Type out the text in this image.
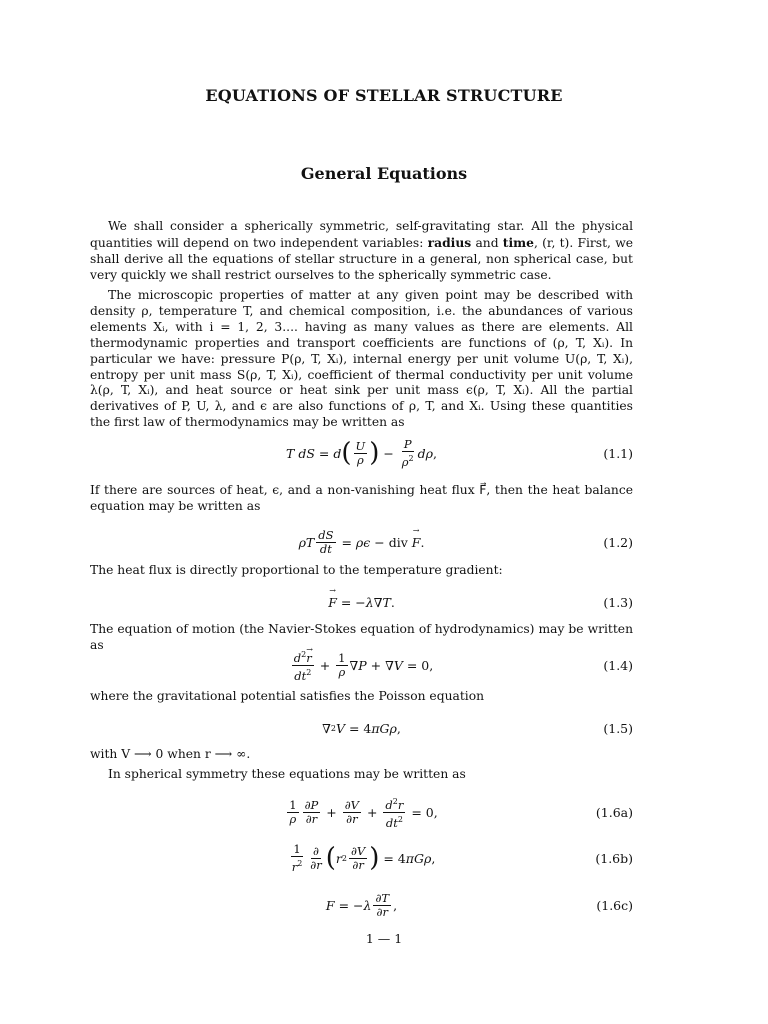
EQUATIONS OF STELLAR STRUCTURE
General Equations

We shall consider a spherically symmetric, self-gravitating star. All the physical quantities will depend on two independent variables: radius and time, (r, t). First, we shall derive all the equations of stellar structure in a general, non spherical case, but very quickly we shall restrict ourselves to the spherically symmetric case.

The microscopic properties of matter at any given point may be described with density ρ, temperature T, and chemical composition, i.e. the abundances of various elements Xᵢ, with i = 1, 2, 3.... having as many values as there are elements. All thermodynamic properties and transport coefficients are functions of (ρ, T, Xᵢ). In particular we have: pressure P(ρ, T, Xᵢ), internal energy per unit volume U(ρ, T, Xᵢ), entropy per unit mass S(ρ, T, Xᵢ), coefficient of thermal conductivity per unit volume λ(ρ, T, Xᵢ), and heat source or heat sink per unit mass ϵ(ρ, T, Xᵢ). All the partial derivatives of P, U, λ, and ϵ are also functions of ρ, T, and Xᵢ. Using these quantities the first law of thermodynamics may be written as

T
dS = d ( $\frac{U}{\rho}$ ) − $\frac{P}{\rho^2}$ dρ ,	(1.1)

If there are sources of heat, ϵ, and a non-vanishing heat flux F⃗, then the heat balance equation may be written as

ρT $\frac{dS}{dt} = \rho\epsilon$ − div
→ F .	(1.2)

The heat flux is directly proportional to the temperature gradient:

→ F = − λ ∇ T .	(1.3)

The equation of motion (the Navier-Stokes equation of hydrodynamics) may be written as

$\frac{d^2\to r}{dt^2} + \frac{1}{\rho}$ ∇ P + ∇ V = 0,	(1.4)

where the gravitational potential satisfies the Poisson equation

∇ 2 V = 4 πGρ ,	(1.5)

with V ⟶ 0 when r ⟶ ∞.

In spherical symmetry these equations may be written as

$\frac{1}{\rho} \frac{\partial P}{\partial r} + \frac{\partial V}{\partial r} + \frac{d^2r}{dt^2} = 0$,	(1.6a)
$\frac{1}{r^2} \frac{\partial}{\partial r}$ ( r $2 \frac{\partial V}{\partial r}$ ) = 4 πGρ ,	(1.6b)
F = − λ $\frac{\partial T}{\partial r}$ ,	(1.6c)
1 — 1
